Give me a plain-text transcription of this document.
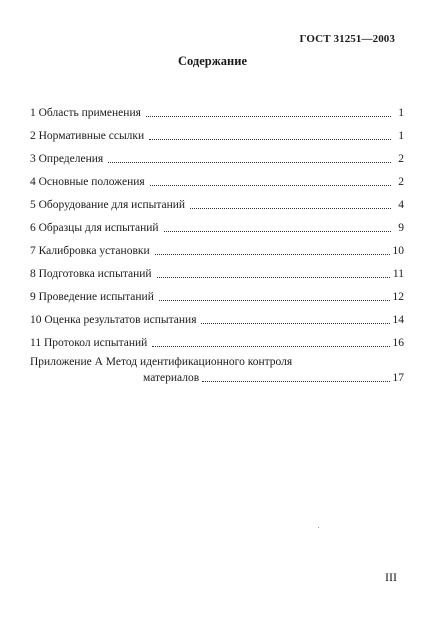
ГОСТ 31251—2003
Содержание
1 Область применения	1
2 Нормативные ссылки	1
3 Определения	2
4 Основные положения	2
5 Оборудование для испытаний	4
6 Образцы для испытаний	9
7 Калибровка установки	10
8 Подготовка испытаний	11
9 Проведение испытаний	12
10 Оценка результатов испытания	14
11 Протокол испытаний	16
Приложение А Метод идентификационного контроля
материалов	17
III
